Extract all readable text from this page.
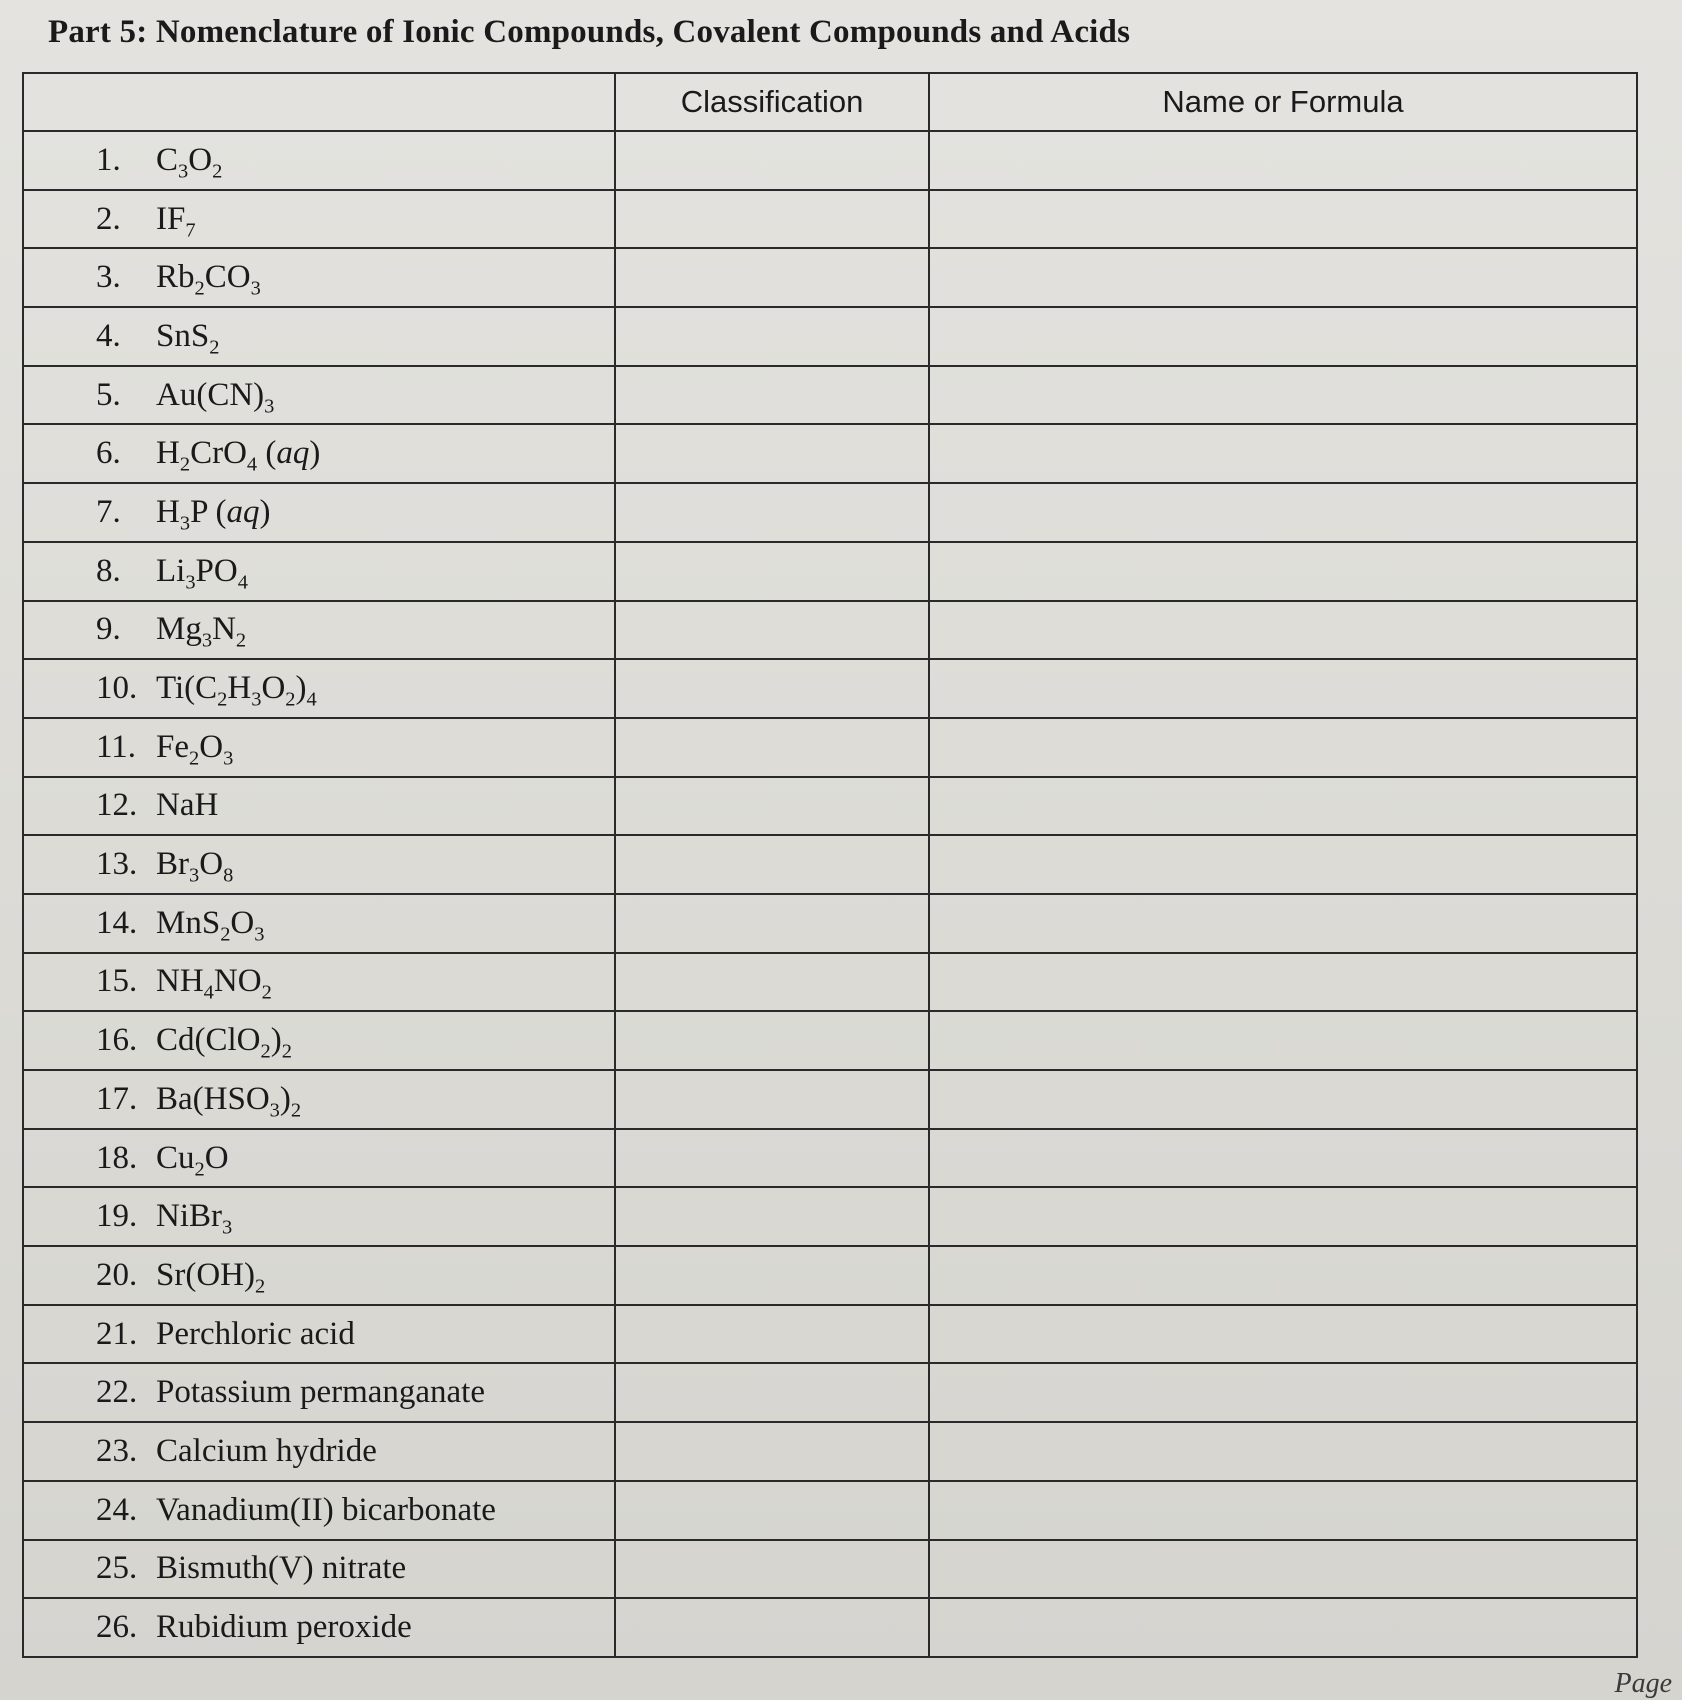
Part 5: Nomenclature of Ionic Compounds, Covalent Compounds and Acids
	Classification	Name or Formula
1. $C_3O_2$		
2. $IF_7$		
3. $Rb_2CO_3$		
4. SnS$_2$		
5. $Au(CN)_3$		
6. $H_2CrO_4$ (aq)		
7. $H_3P$ (aq)		
8. $Li_3PO_4$		
9. $Mg_3N_2$		
10. $Ti(C_2H_3O_2)_4$		
11. $Fe_2O_3$		
12. NaH		
13. $Br_3O_8$		
14. $MnS_2O_3$		
15. $NH_4NO_2$		
16. $Cd(ClO_2)_2$		
17. $Ba(HSO_3)_2$		
18. $Cu_2O$		
19. NiBr$_3$		
20. $Sr(OH)_2$		
21. Perchloric acid		
22. Potassium permanganate		
23. Calcium hydride		
24. Vanadium(II) bicarbonate		
25. Bismuth(V) nitrate		
26. Rubidium peroxide		
Page
